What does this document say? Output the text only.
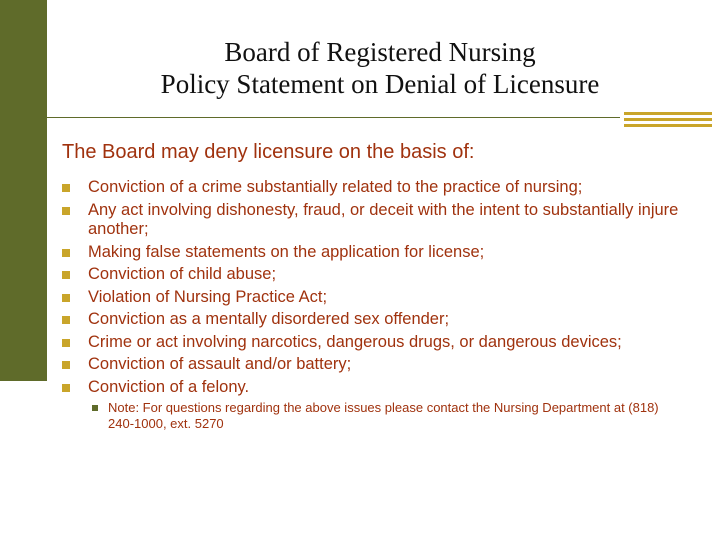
Board of Registered Nursing
Policy Statement on Denial of Licensure
The Board may deny licensure on the basis of:
Conviction of a crime substantially related to the practice of nursing;
Any act involving dishonesty, fraud, or deceit with the intent to substantially injure another;
Making false statements on the application for license;
Conviction of child abuse;
Violation of Nursing Practice Act;
Conviction as a mentally disordered sex offender;
Crime or act involving narcotics, dangerous drugs, or dangerous devices;
Conviction of assault and/or battery;
Conviction of a felony.
Note: For questions regarding the above issues please contact the Nursing Department at (818) 240-1000, ext. 5270
